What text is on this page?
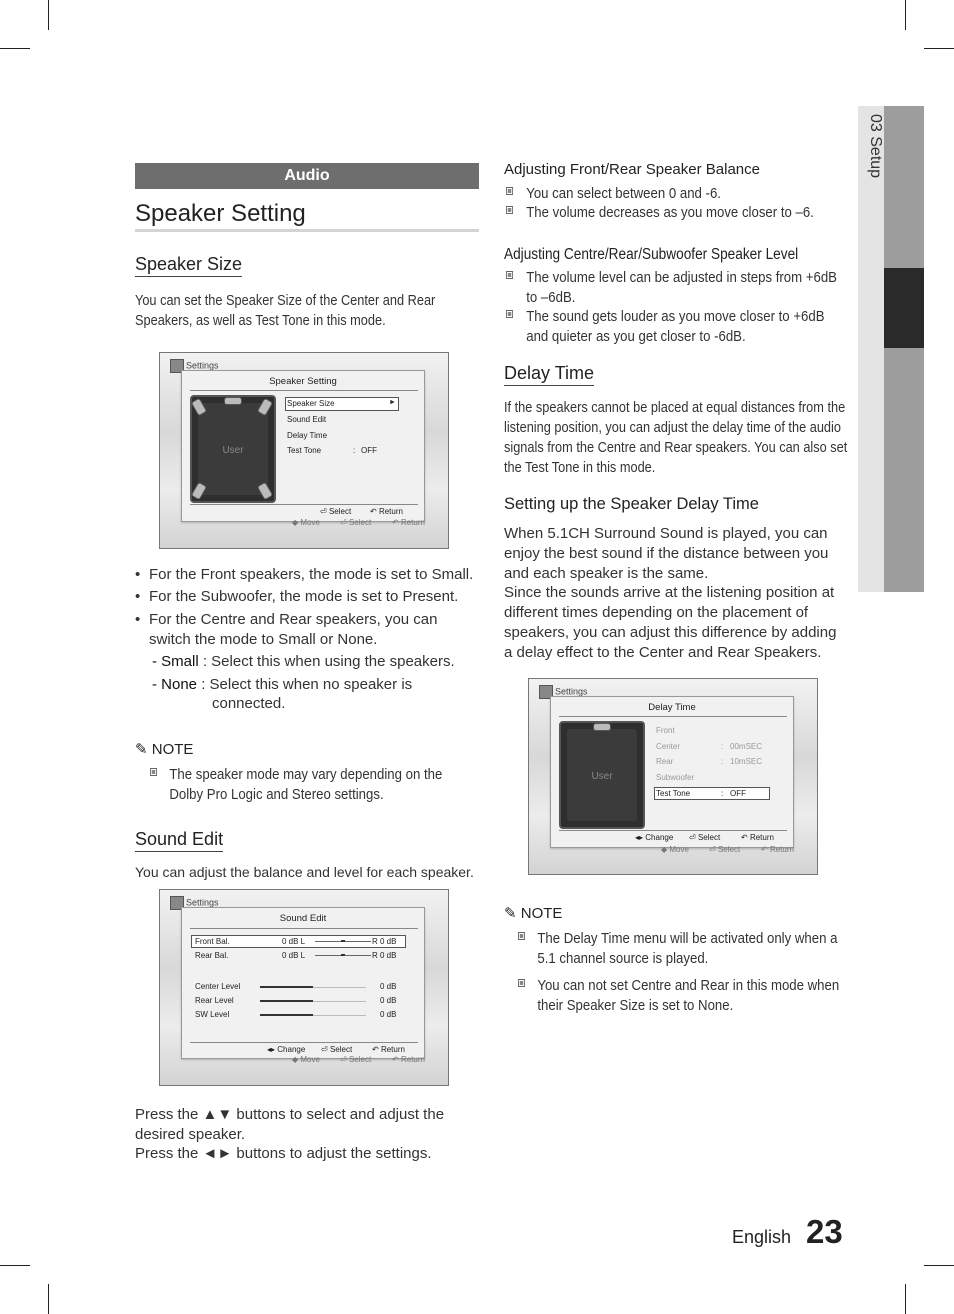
03 Setup
Audio
Speaker Setting
Speaker Size
You can set the Speaker Size of the Center and Rear Speakers, as well as Test Tone in this mode.
Settings
Speaker Setting
User
Speaker Size	►
Sound Edit
Delay Time
Test Tone	: OFF
⏎ Select ↶ Return
◆ Move	⏎ Select	↶ Return
• For the Front speakers, the mode is set to Small.
• For the Subwoofer, the mode is set to Present.
• For the Centre and Rear speakers, you can switch the mode to Small or None.
- Small : Select this when using the speakers.
- None : Select this when no speaker is
connected.
✎ NOTE
The speaker mode may vary depending on the Dolby Pro Logic and Stereo settings.
Sound Edit
You can adjust the balance and level for each speaker.
Settings
Sound Edit
Front Bal.	0 dB L	R 0 dB
Rear Bal.	0 dB L	R 0 dB
Center Level	0 dB
Rear Level	0 dB
SW Level	0 dB
◂▸ Change ⏎ Select ↶ Return
◆ Move	⏎ Select	↶ Return
Press the ▲▼ buttons to select and adjust the desired speaker.
Press the ◄► buttons to adjust the settings.
Adjusting Front/Rear Speaker Balance
You can select between 0 and -6.
The volume decreases as you move closer to –6.
Adjusting Centre/Rear/Subwoofer Speaker Level
The volume level can be adjusted in steps from +6dB to –6dB.
The sound gets louder as you move closer to +6dB and quieter as you get closer to -6dB.
Delay Time
If the speakers cannot be placed at equal distances from the listening position, you can adjust the delay time of the audio signals from the Centre and Rear speakers. You can also set the Test Tone in this mode.
Setting up the Speaker Delay Time
When 5.1CH Surround Sound is played, you can enjoy the best sound if the distance between you and each speaker is the same.
Since the sounds arrive at the listening position at different times depending on the placement of speakers, you can adjust this difference by adding a delay effect to the Center and Rear Speakers.
Settings
Delay Time
User
Front
Center	: 00mSEC
Rear	: 10mSEC
Subwoofer
Test Tone	: OFF
◂▸ Change ⏎ Select	↶ Return
◆ Move	⏎ Select	↶ Return
✎ NOTE
The Delay Time menu will be activated only when a 5.1 channel source is played.
You can not set Centre and Rear in this mode when their Speaker Size is set to None.
English 23
